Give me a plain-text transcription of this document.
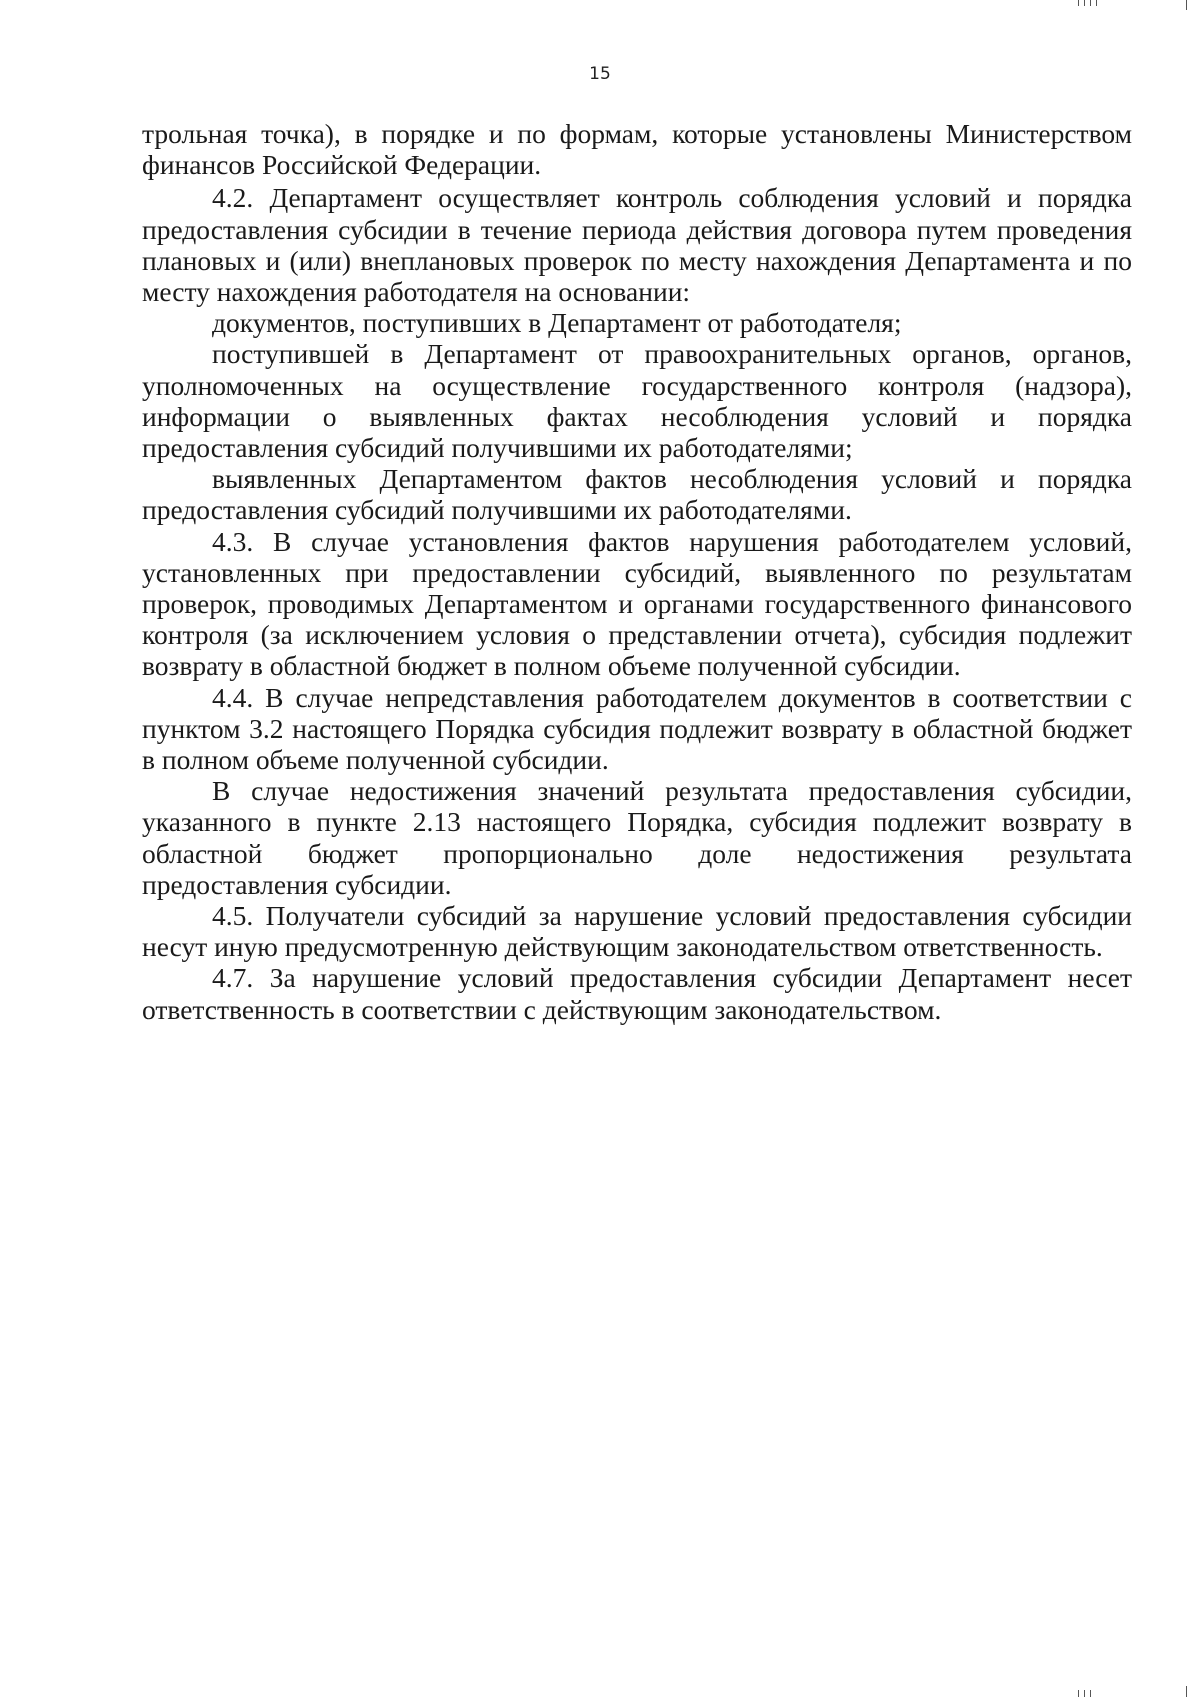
15

трольная точка), в порядке и по формам, которые установлены Министерством финансов Российской Федерации.

4.2. Департамент осуществляет контроль соблюдения условий и порядка предоставления субсидии в течение периода действия договора путем проведения плановых и (или) внеплановых проверок по месту нахождения Департамента и по месту нахождения работодателя на основании:

документов, поступивших в Департамент от работодателя;

поступившей в Департамент от правоохранительных органов, органов, уполномоченных на осуществление государственного контроля (надзора), информации о выявленных фактах несоблюдения условий и порядка предоставления субсидий получившими их работодателями;

выявленных Департаментом фактов несоблюдения условий и порядка предоставления субсидий получившими их работодателями.

4.3. В случае установления фактов нарушения работодателем условий, установленных при предоставлении субсидий, выявленного по результатам проверок, проводимых Департаментом и органами государственного финансового контроля (за исключением условия о представлении отчета), субсидия подлежит возврату в областной бюджет в полном объеме полученной субсидии.

4.4. В случае непредставления работодателем документов в соответствии с пунктом 3.2 настоящего Порядка субсидия подлежит возврату в областной бюджет в полном объеме полученной субсидии.

В случае недостижения значений результата предоставления субсидии, указанного в пункте 2.13 настоящего Порядка, субсидия подлежит возврату в областной бюджет пропорционально доле недостижения результата предоставления субсидии.

4.5. Получатели субсидий за нарушение условий предоставления субсидии несут иную предусмотренную действующим законодательством ответственность.

4.7. За нарушение условий предоставления субсидии Департамент несет ответственность в соответствии с действующим законодательством.
